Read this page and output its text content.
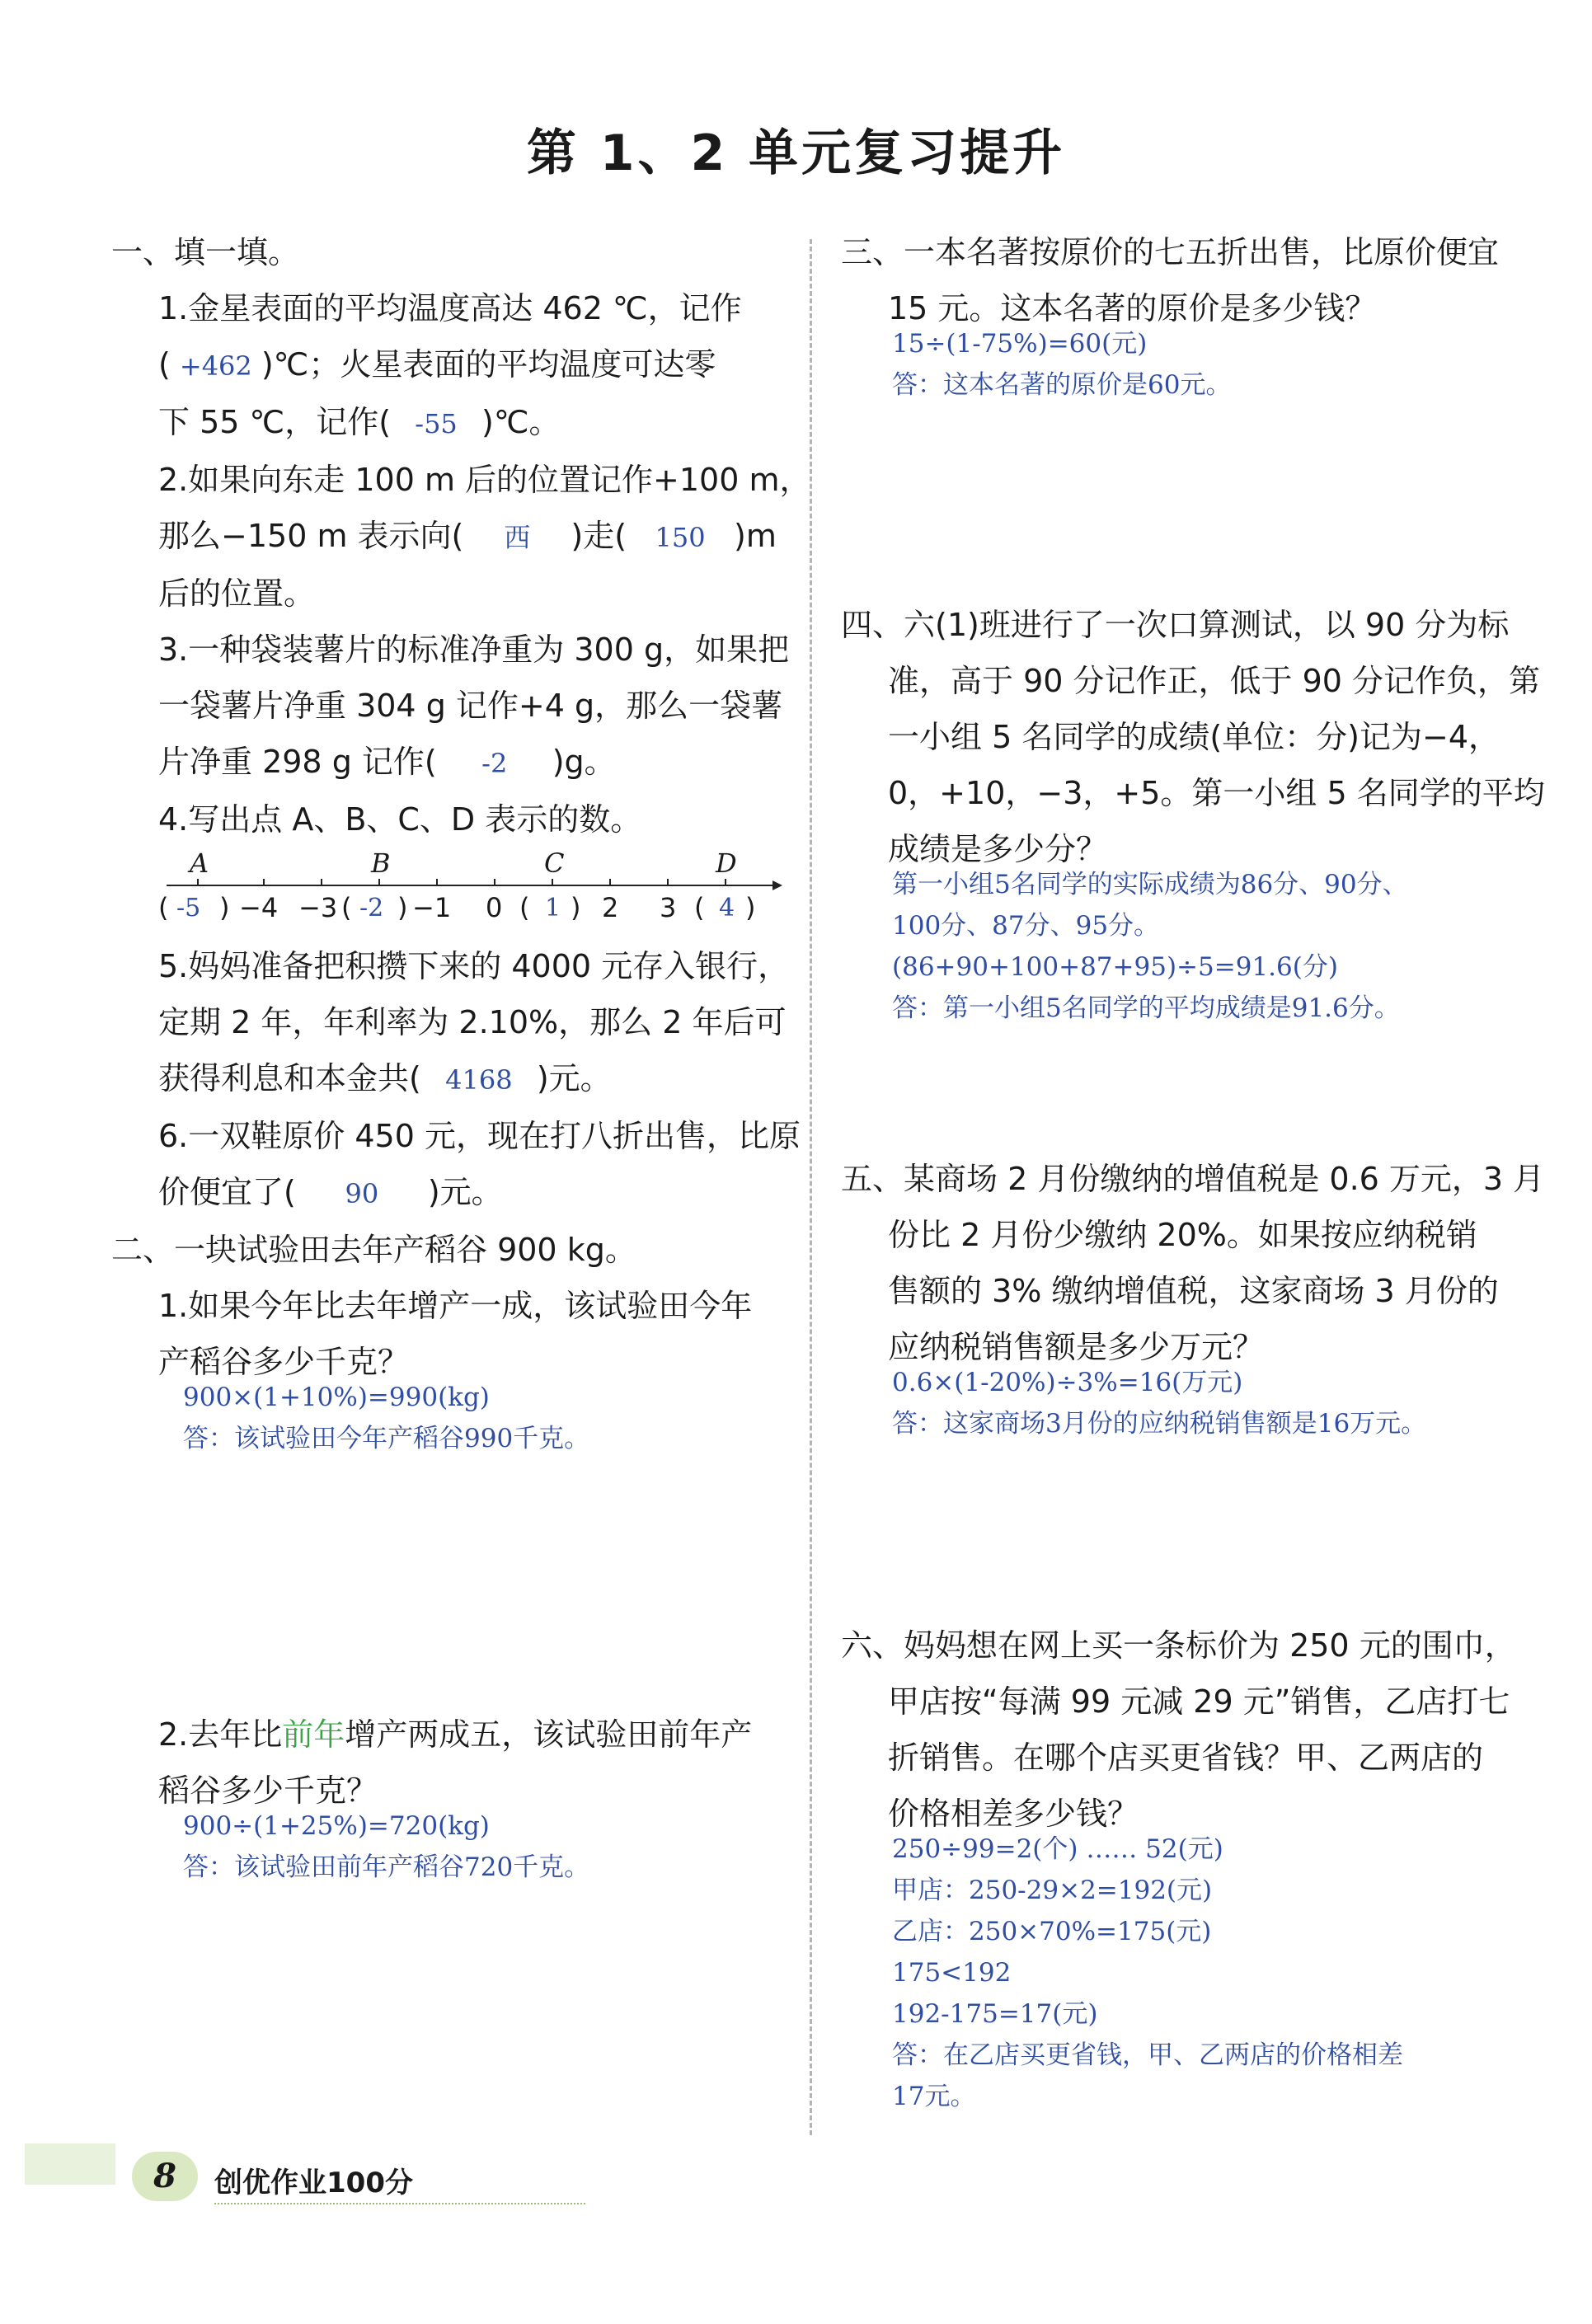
第 1、2 单元复习提升
一、填一填。
1.金星表面的平均温度高达 462 ℃，记作
( +462 )℃；火星表面的平均温度可达零
下 55 ℃，记作( -55 )℃。
2.如果向东走 100 m 后的位置记作+100 m，
那么−150 m 表示向( 西 )走( 150 )m
后的位置。
3.一种袋装薯片的标准净重为 300 g，如果把
一袋薯片净重 304 g 记作+4 g，那么一袋薯
片净重 298 g 记作( -2 )g。
4.写出点 A、B、C、D 表示的数。
A	B	C	D
( -5 ) −4 −3 ( -2 ) −1 0 ( 1 ) 2 3 ( 4 )
5.妈妈准备把积攒下来的 4000 元存入银行，
定期 2 年，年利率为 2.10%，那么 2 年后可
获得利息和本金共( 4168 )元。
6.一双鞋原价 450 元，现在打八折出售，比原
价便宜了( 90 )元。
二、一块试验田去年产稻谷 900 kg。
1.如果今年比去年增产一成，该试验田今年
产稻谷多少千克？
900×(1+10%)=990(kg)
答：该试验田今年产稻谷990千克。
2.去年比前年增产两成五，该试验田前年产
稻谷多少千克？
900÷(1+25%)=720(kg)
答：该试验田前年产稻谷720千克。
三、一本名著按原价的七五折出售，比原价便宜
15 元。这本名著的原价是多少钱？
15÷(1-75%)=60(元)
答：这本名著的原价是60元。
四、六(1)班进行了一次口算测试，以 90 分为标
准，高于 90 分记作正，低于 90 分记作负，第
一小组 5 名同学的成绩(单位：分)记为−4，
0，+10，−3，+5。第一小组 5 名同学的平均
成绩是多少分？
第一小组5名同学的实际成绩为86分、90分、
100分、87分、95分。
(86+90+100+87+95)÷5=91.6(分)
答：第一小组5名同学的平均成绩是91.6分。
五、某商场 2 月份缴纳的增值税是 0.6 万元，3 月
份比 2 月份少缴纳 20%。如果按应纳税销
售额的 3% 缴纳增值税，这家商场 3 月份的
应纳税销售额是多少万元？
0.6×(1-20%)÷3%=16(万元)
答：这家商场3月份的应纳税销售额是16万元。
六、妈妈想在网上买一条标价为 250 元的围巾，
甲店按“每满 99 元减 29 元”销售，乙店打七
折销售。在哪个店买更省钱？甲、乙两店的
价格相差多少钱？
250÷99=2(个) …… 52(元)
甲店：250-29×2=192(元)
乙店：250×70%=175(元)
175<192
192-175=17(元)
答：在乙店买更省钱，甲、乙两店的价格相差
17元。
8	创优作业100分
